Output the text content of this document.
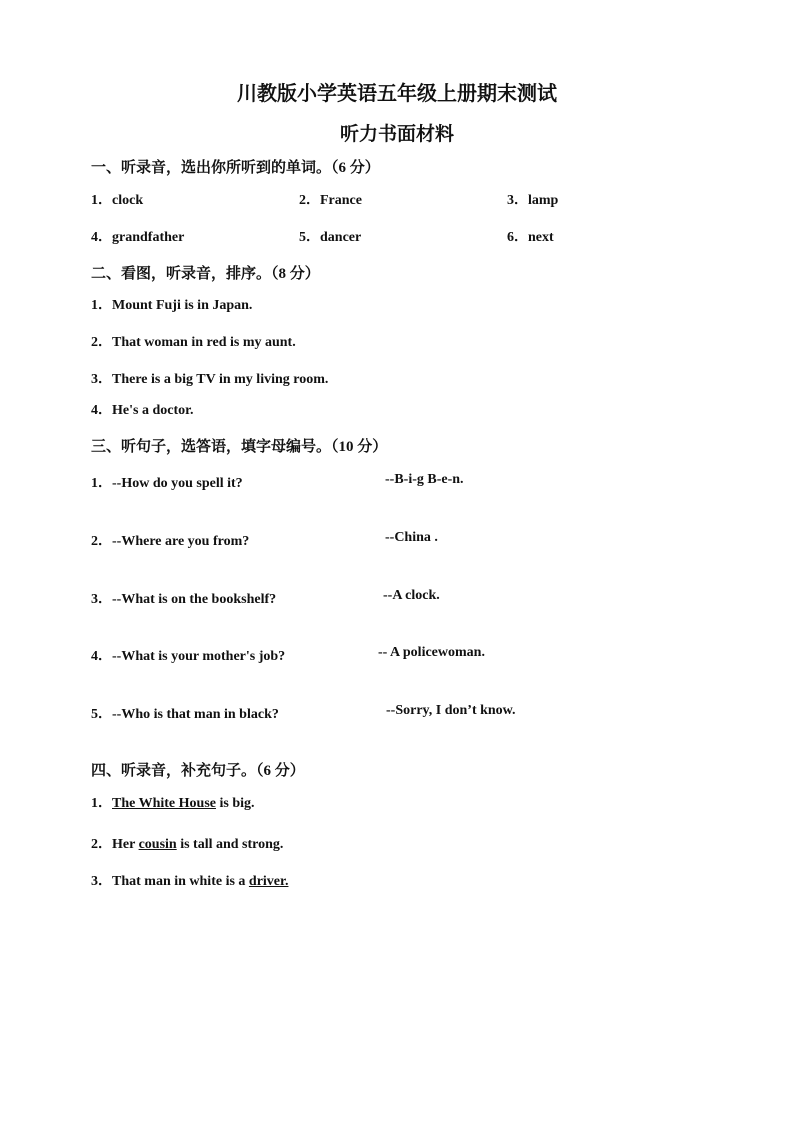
川教版小学英语五年级上册期末测试
听力书面材料
一、听录音，选出你所听到的单词。（6 分）
1．clock	2．France	3．lamp
4．grandfather	5．dancer	6．next
二、看图，听录音，排序。（8 分）
1．Mount Fuji is in Japan.
2．That woman in red is my aunt.
3．There is a big TV in my living room.
4．He's a doctor.
三、听句子，选答语，填字母编号。（10 分）
1．--How do you spell it?	--B-i-g B-e-n.
2．--Where are you from?	--China .
3．--What is on the bookshelf?	--A clock.
4．--What is your mother's job?	-- A policewoman.
5．--Who is that man in black?	--Sorry, I don’t know.
四、听录音，补充句子。（6 分）
1．The White House is big.
2．Her cousin is tall and strong.
3．That man in white is a driver.
